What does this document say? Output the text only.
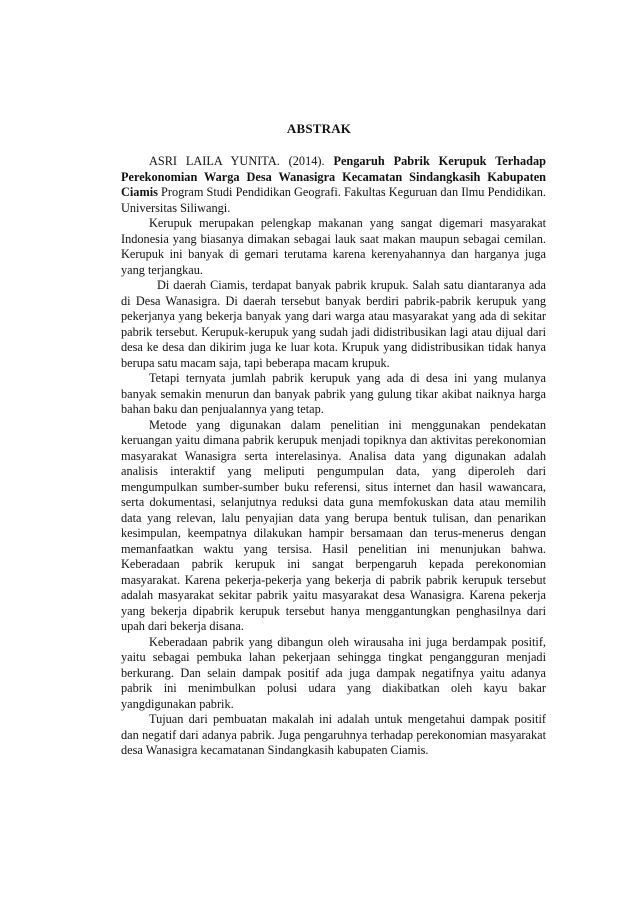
ABSTRAK

ASRI LAILA YUNITA. (2014). Pengaruh Pabrik Kerupuk Terhadap Perekonomian Warga Desa Wanasigra Kecamatan Sindangkasih Kabupaten Ciamis Program Studi Pendidikan Geografi. Fakultas Keguruan dan Ilmu Pendidikan. Universitas Siliwangi.

Kerupuk merupakan pelengkap makanan yang sangat digemari masyarakat Indonesia yang biasanya dimakan sebagai lauk saat makan maupun sebagai cemilan. Kerupuk ini banyak di gemari terutama karena kerenyahannya dan harganya juga yang terjangkau.

Di daerah Ciamis, terdapat banyak pabrik krupuk. Salah satu diantaranya ada di Desa Wanasigra. Di daerah tersebut banyak berdiri pabrik-pabrik kerupuk yang pekerjanya yang bekerja banyak yang dari warga atau masyarakat yang ada di sekitar pabrik tersebut. Kerupuk-kerupuk yang sudah jadi didistribusikan lagi atau dijual dari desa ke desa dan dikirim juga ke luar kota. Krupuk yang didistribusikan tidak hanya berupa satu macam saja, tapi beberapa macam krupuk.

Tetapi ternyata jumlah pabrik kerupuk yang ada di desa ini yang mulanya banyak semakin menurun dan banyak pabrik yang gulung tikar akibat naiknya harga bahan baku dan penjualannya yang tetap.

Metode yang digunakan dalam penelitian ini menggunakan pendekatan keruangan yaitu dimana pabrik kerupuk menjadi topiknya dan aktivitas perekonomian masyarakat Wanasigra serta interelasinya. Analisa data yang digunakan adalah analisis interaktif yang meliputi pengumpulan data, yang diperoleh dari mengumpulkan sumber-sumber buku referensi, situs internet dan hasil wawancara, serta dokumentasi, selanjutnya reduksi data guna memfokuskan data atau memilih data yang relevan, lalu penyajian data yang berupa bentuk tulisan, dan penarikan kesimpulan, keempatnya dilakukan hampir bersamaan dan terus-menerus dengan memanfaatkan waktu yang tersisa. Hasil penelitian ini menunjukan bahwa. Keberadaan pabrik kerupuk ini sangat berpengaruh kepada perekonomian masyarakat. Karena pekerja-pekerja yang bekerja di pabrik pabrik kerupuk tersebut adalah masyarakat sekitar pabrik yaitu masyarakat desa Wanasigra. Karena pekerja yang bekerja dipabrik kerupuk tersebut hanya menggantungkan penghasilnya dari upah dari bekerja disana.

Keberadaan pabrik yang dibangun oleh wirausaha ini juga berdampak positif, yaitu sebagai pembuka lahan pekerjaan sehingga tingkat pengangguran menjadi berkurang. Dan selain dampak positif ada juga dampak negatifnya yaitu adanya pabrik ini menimbulkan polusi udara yang diakibatkan oleh kayu bakar yangdigunakan pabrik.

Tujuan dari pembuatan makalah ini adalah untuk mengetahui dampak positif dan negatif dari adanya pabrik. Juga pengaruhnya terhadap perekonomian masyarakat desa Wanasigra kecamatanan Sindangkasih kabupaten Ciamis.
